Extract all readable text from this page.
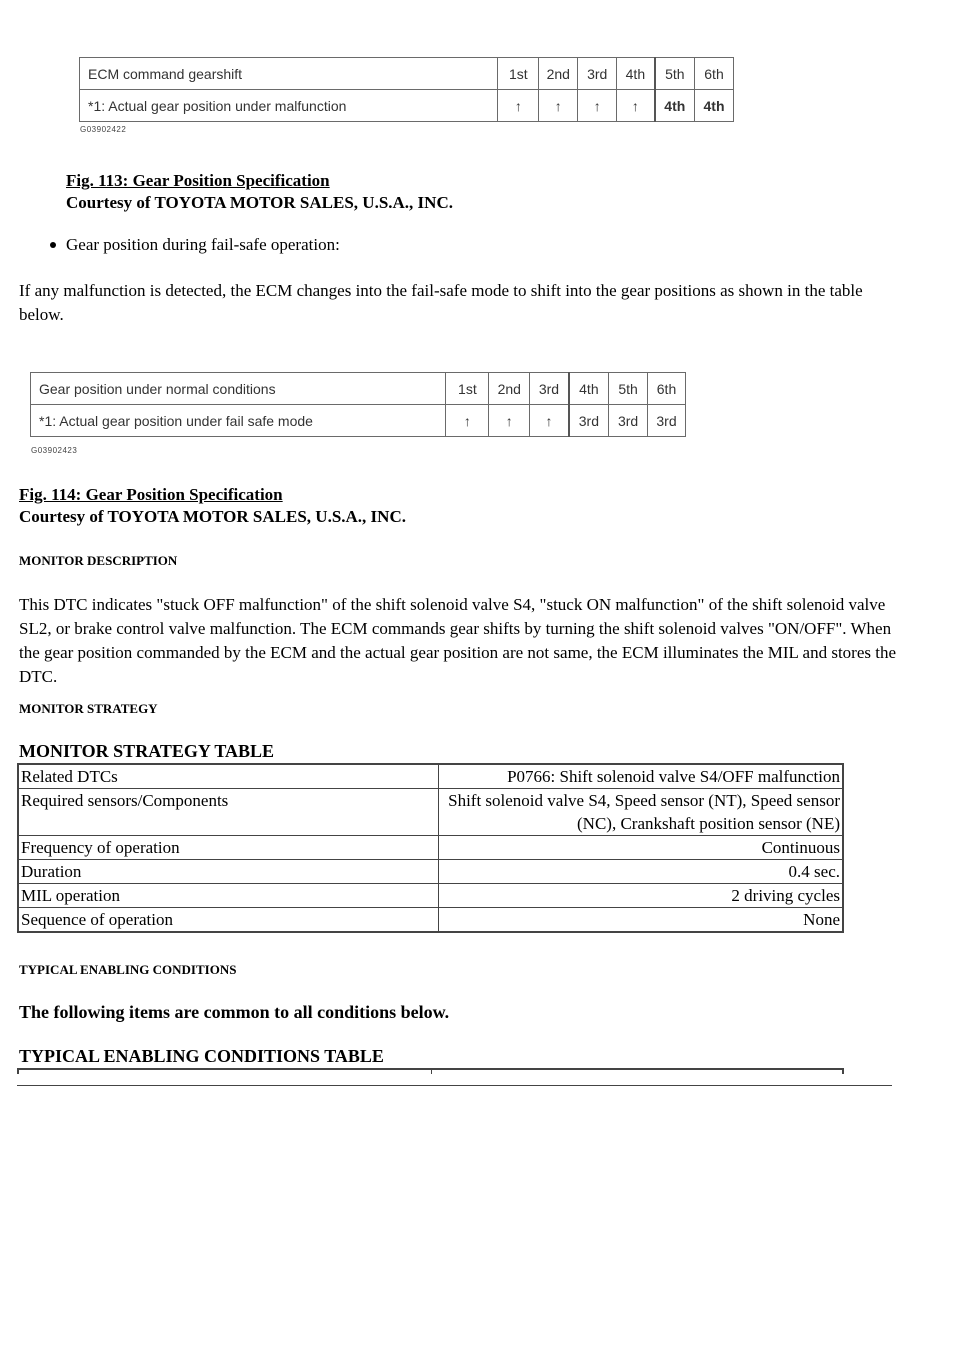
ECM command gearshift	1st	2nd	3rd	4th	5th	6th
*1: Actual gear position under malfunction	↑	↑	↑	↑	4th	4th
G03902422
Fig. 113: Gear Position Specification
Courtesy of TOYOTA MOTOR SALES, U.S.A., INC.
Gear position during fail-safe operation:
If any malfunction is detected, the ECM changes into the fail-safe mode to shift into the gear positions as shown in the table below.
Gear position under normal conditions	1st	2nd	3rd	4th	5th	6th
*1: Actual gear position under fail safe mode	↑	↑	↑	3rd	3rd	3rd
G03902423
Fig. 114: Gear Position Specification
Courtesy of TOYOTA MOTOR SALES, U.S.A., INC.
MONITOR DESCRIPTION
This DTC indicates "stuck OFF malfunction" of the shift solenoid valve S4, "stuck ON malfunction" of the shift solenoid valve SL2, or brake control valve malfunction. The ECM commands gear shifts by turning the shift solenoid valves "ON/OFF". When the gear position commanded by the ECM and the actual gear position are not same, the ECM illuminates the MIL and stores the DTC.
MONITOR STRATEGY
MONITOR STRATEGY TABLE
Related DTCs	P0766: Shift solenoid valve S4/OFF malfunction
Required sensors/Components	Shift solenoid valve S4, Speed sensor (NT), Speed sensor (NC), Crankshaft position sensor (NE)
Frequency of operation	Continuous
Duration	0.4 sec.
MIL operation	2 driving cycles
Sequence of operation	None
TYPICAL ENABLING CONDITIONS
The following items are common to all conditions below.
TYPICAL ENABLING CONDITIONS TABLE
